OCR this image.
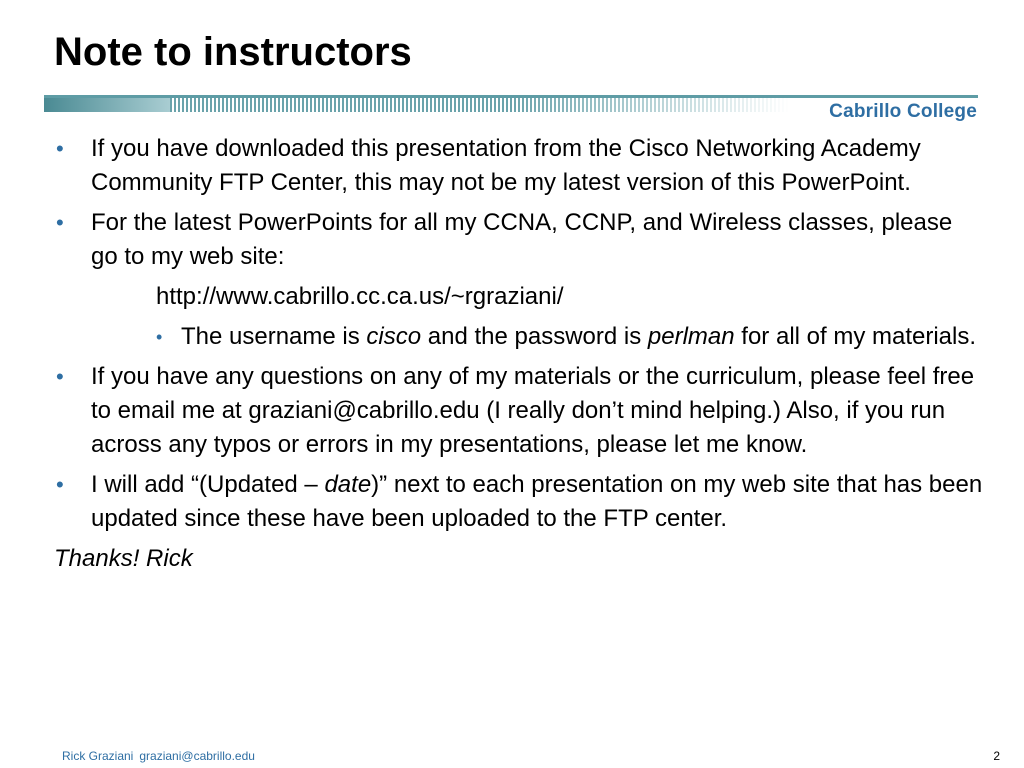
Note to instructors
Cabrillo College
• If you have downloaded this presentation from the Cisco Networking Academy Community FTP Center, this may not be my latest version of this PowerPoint.
• For the latest PowerPoints for all my CCNA, CCNP, and Wireless classes, please go to my web site:
http://www.cabrillo.cc.ca.us/~rgraziani/
• The username is cisco and the password is perlman for all of my materials.
• If you have any questions on any of my materials or the curriculum, please feel free to email me at graziani@cabrillo.edu (I really don’t mind helping.) Also, if you run across any typos or errors in my presentations, please let me know.
• I will add “(Updated – date)” next to each presentation on my web site that has been updated since these have been uploaded to the FTP center.
Thanks! Rick
Rick Graziani graziani@cabrillo.edu	2
